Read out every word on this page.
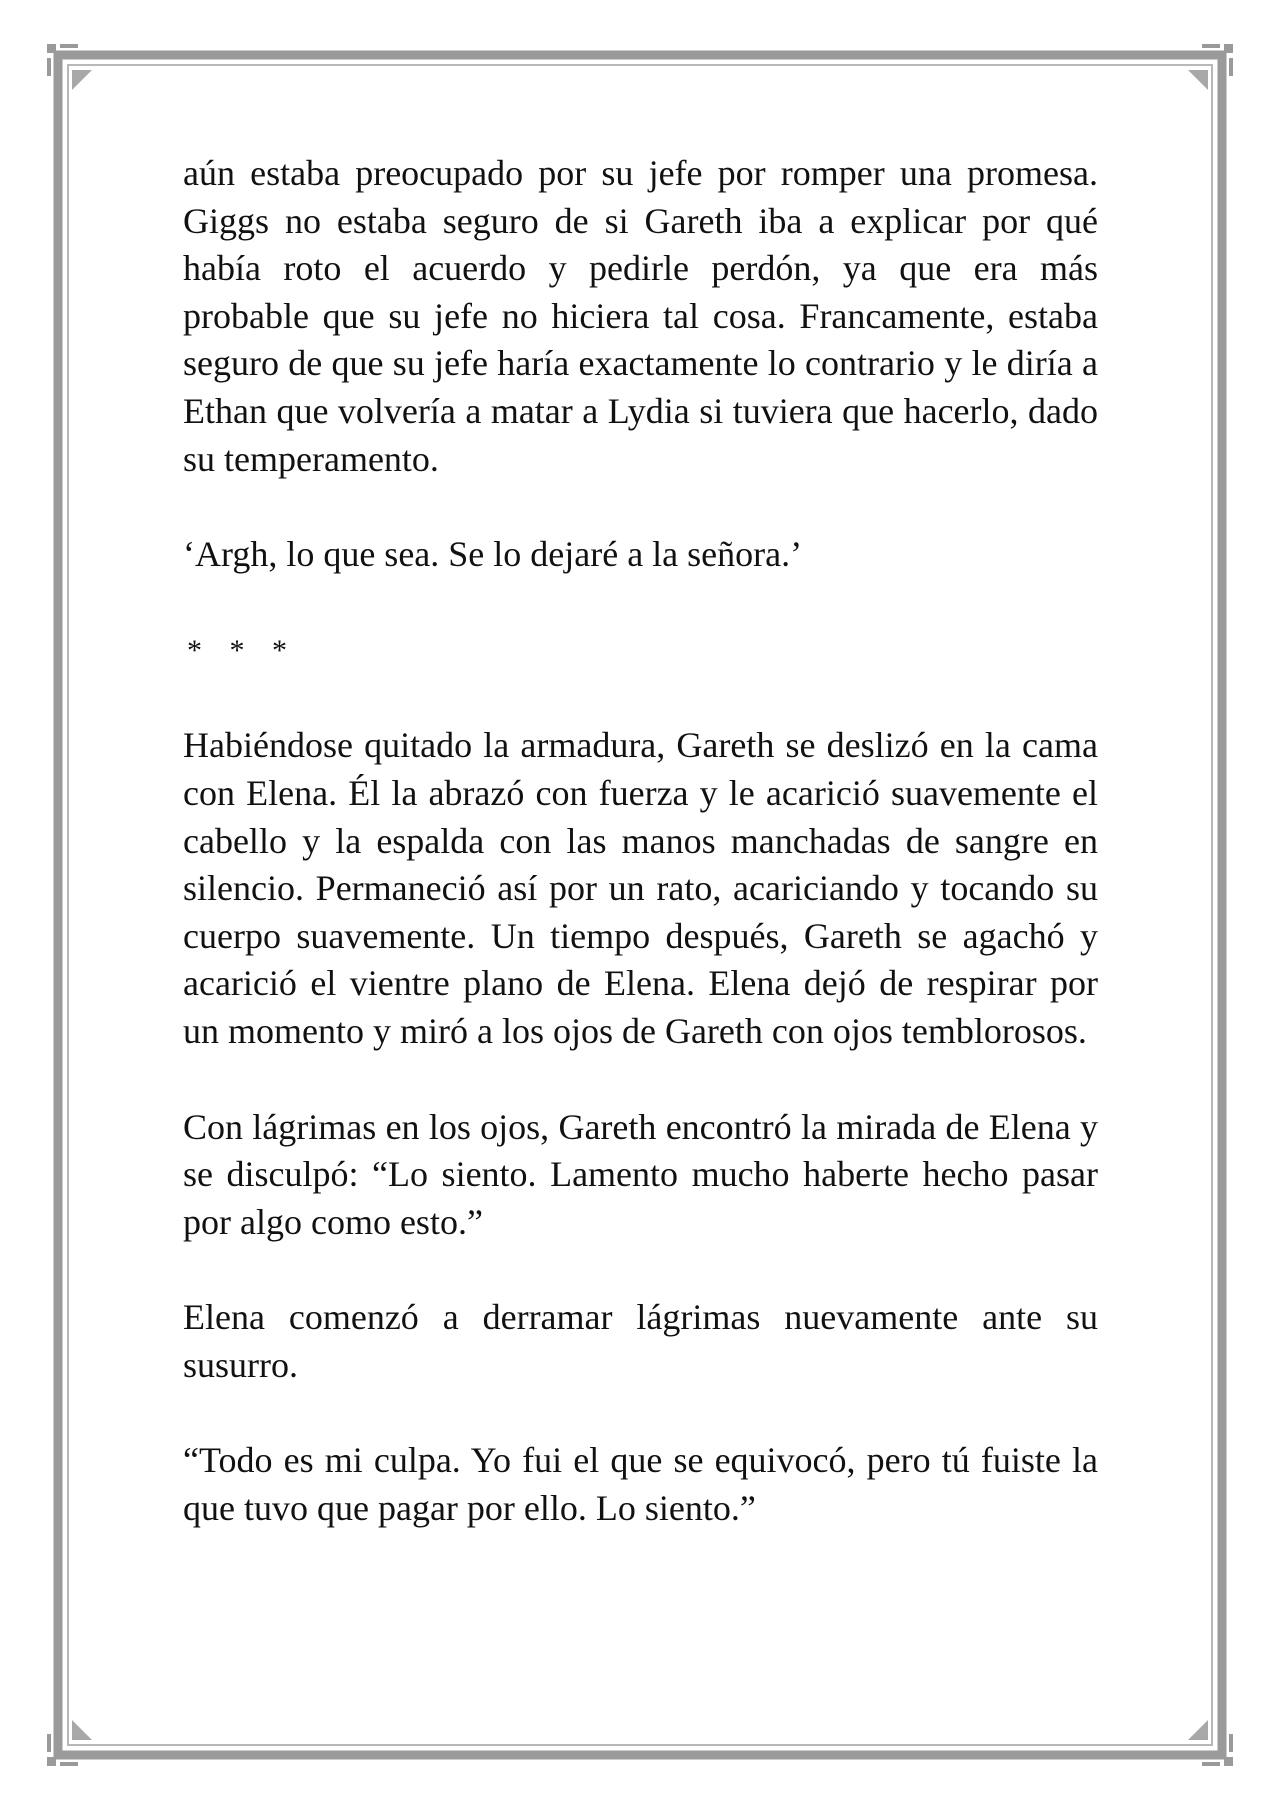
aún estaba preocupado por su jefe por romper una promesa. Giggs no estaba seguro de si Gareth iba a explicar por qué había roto el acuerdo y pedirle perdón, ya que era más probable que su jefe no hiciera tal cosa. Francamente, estaba seguro de que su jefe haría exactamente lo contrario y le diría a Ethan que volvería a matar a Lydia si tuviera que hacerlo, dado su temperamento.

‘Argh, lo que sea. Se lo dejaré a la señora.’

* * *

Habiéndose quitado la armadura, Gareth se deslizó en la cama con Elena. Él la abrazó con fuerza y le acarició suavemente el cabello y la espalda con las manos manchadas de sangre en silencio. Permaneció así por un rato, acariciando y tocando su cuerpo suavemente. Un tiempo después, Gareth se agachó y acarició el vientre plano de Elena. Elena dejó de respirar por un momento y miró a los ojos de Gareth con ojos temblorosos.

Con lágrimas en los ojos, Gareth encontró la mirada de Elena y se disculpó: “Lo siento. Lamento mucho haberte hecho pasar por algo como esto.”

Elena comenzó a derramar lágrimas nuevamente ante su susurro.

“Todo es mi culpa. Yo fui el que se equivocó, pero tú fuiste la que tuvo que pagar por ello. Lo siento.”
